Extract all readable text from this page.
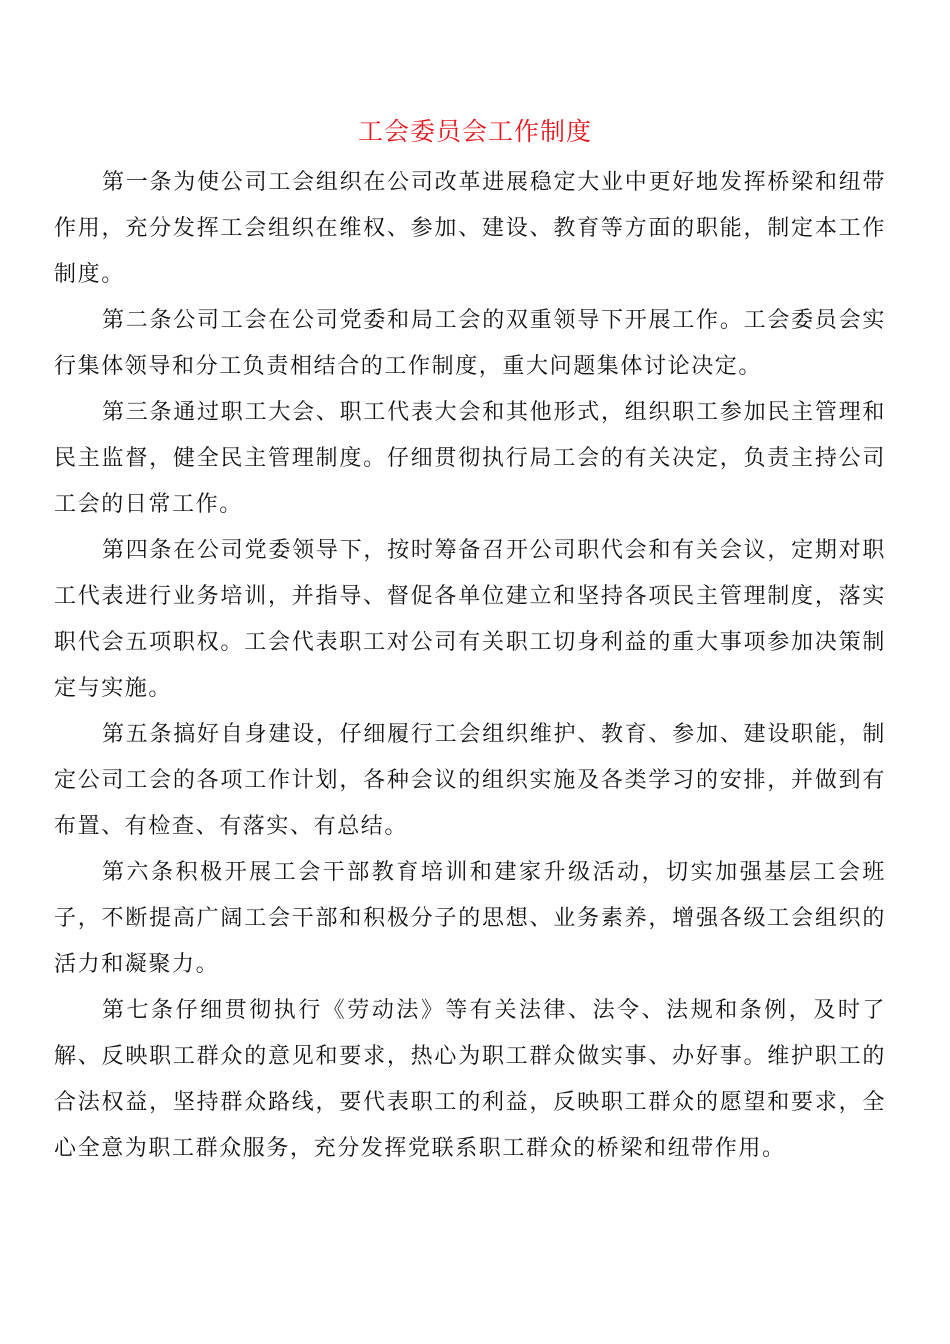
工会委员会工作制度

第一条为使公司工会组织在公司改革进展稳定大业中更好地发挥桥梁和纽带作用，充分发挥工会组织在维权、参加、建设、教育等方面的职能，制定本工作制度。

第二条公司工会在公司党委和局工会的双重领导下开展工作。工会委员会实行集体领导和分工负责相结合的工作制度，重大问题集体讨论决定。

第三条通过职工大会、职工代表大会和其他形式，组织职工参加民主管理和民主监督，健全民主管理制度。仔细贯彻执行局工会的有关决定，负责主持公司工会的日常工作。

第四条在公司党委领导下，按时筹备召开公司职代会和有关会议，定期对职工代表进行业务培训，并指导、督促各单位建立和坚持各项民主管理制度，落实职代会五项职权。工会代表职工对公司有关职工切身利益的重大事项参加决策制定与实施。

第五条搞好自身建设，仔细履行工会组织维护、教育、参加、建设职能，制定公司工会的各项工作计划，各种会议的组织实施及各类学习的安排，并做到有布置、有检查、有落实、有总结。

第六条积极开展工会干部教育培训和建家升级活动，切实加强基层工会班子，不断提高广阔工会干部和积极分子的思想、业务素养，增强各级工会组织的活力和凝聚力。

第七条仔细贯彻执行《劳动法》等有关法律、法令、法规和条例，及时了解、反映职工群众的意见和要求，热心为职工群众做实事、办好事。维护职工的合法权益，坚持群众路线，要代表职工的利益，反映职工群众的愿望和要求，全心全意为职工群众服务，充分发挥党联系职工群众的桥梁和纽带作用。
